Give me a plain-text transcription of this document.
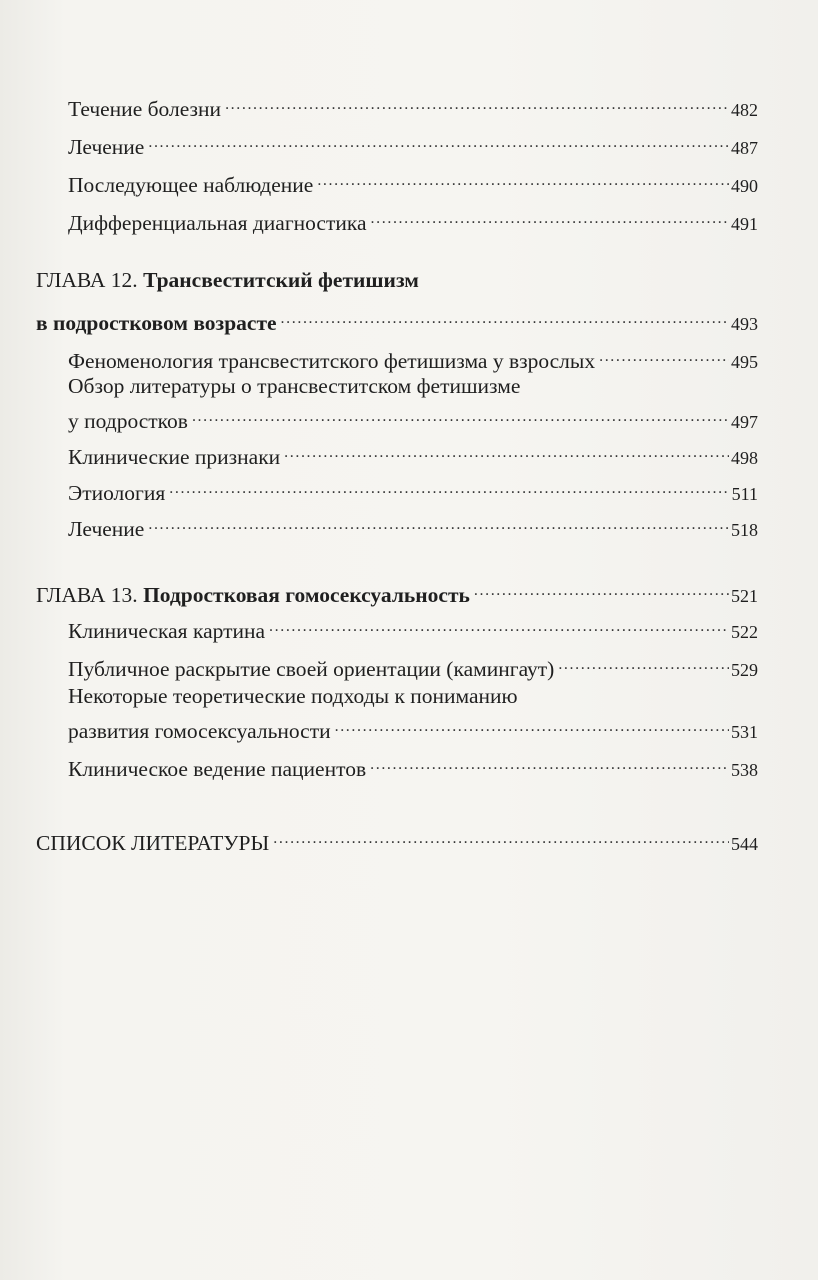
Течение болезни .....	482
Лечение .....	487
Последующее наблюдение .....	490
Дифференциальная диагностика .....	491
ГЛАВА 12. Трансвеститский фетишизм
в подростковом возрасте .....	493
Феноменология трансвеститского фетишизма у взрослых .....	495
Обзор литературы о трансвеститском фетишизме
у подростков .....	497
Клинические признаки .....	498
Этиология .....	511
Лечение .....	518
ГЛАВА 13. Подростковая гомосексуальность .....	521
Клиническая картина .....	522
Публичное раскрытие своей ориентации (камингаут) .....	529
Некоторые теоретические подходы к пониманию
развития гомосексуальности .....	531
Клиническое ведение пациентов .....	538
СПИСОК ЛИТЕРАТУРЫ .....	544
